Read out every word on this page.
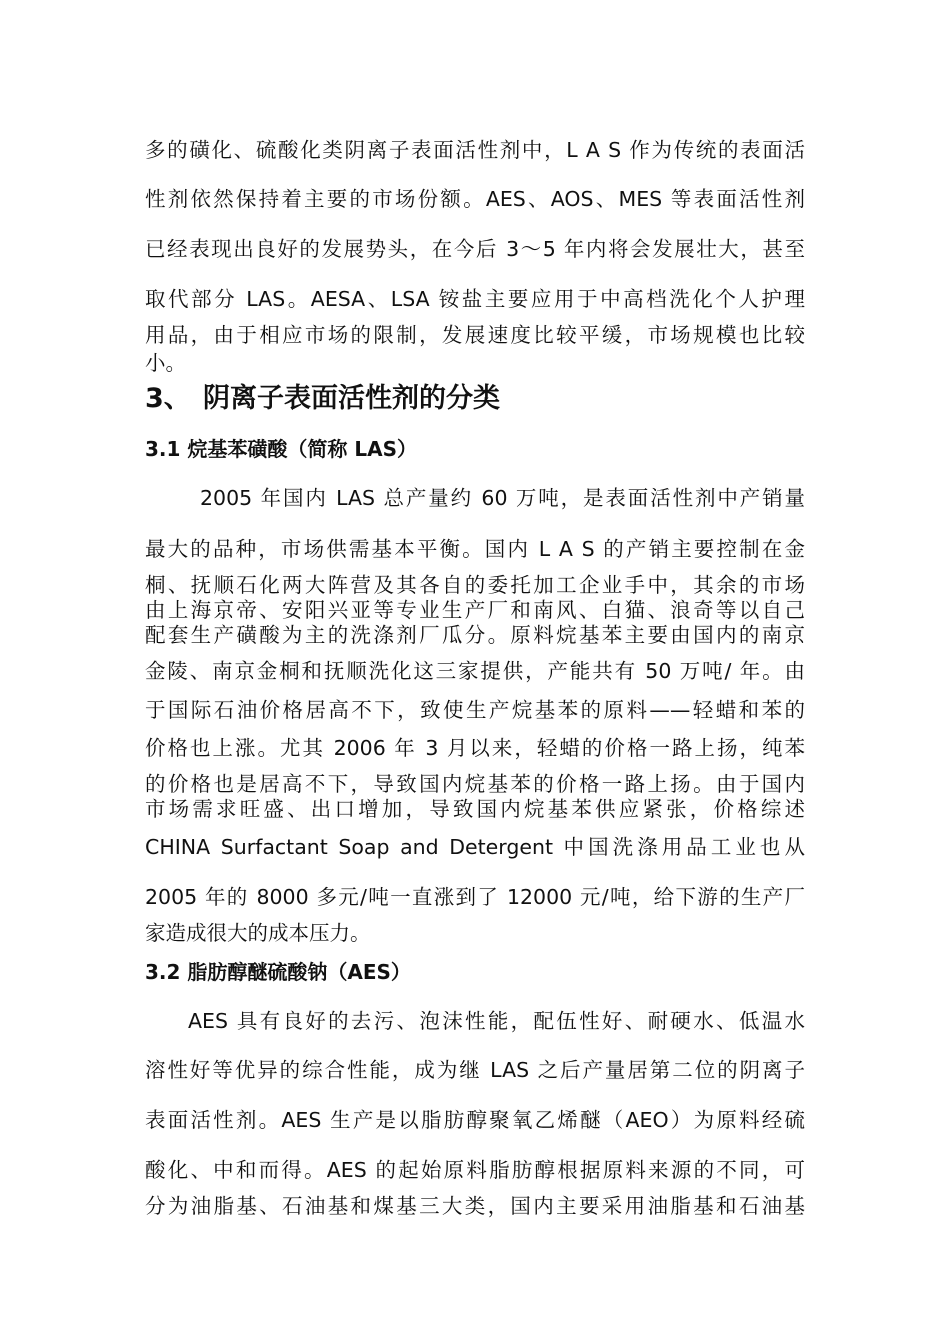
多的磺化、硫酸化类阴离子表面活性剂中，L A S 作为传统的表面活
性剂依然保持着主要的市场份额。AES、AOS、MES 等表面活性剂
已经表现出良好的发展势头，在今后 3～5 年内将会发展壮大，甚至
取代部分 LAS。AESA、LSA 铵盐主要应用于中高档洗化个人护理
用品，由于相应市场的限制，发展速度比较平缓，市场规模也比较
小。
3、 阴离子表面活性剂的分类
3.1 烷基苯磺酸（简称 LAS）
2005 年国内 LAS 总产量约 60 万吨，是表面活性剂中产销量
最大的品种，市场供需基本平衡。国内 L A S 的产销主要控制在金
桐、抚顺石化两大阵营及其各自的委托加工企业手中，其余的市场
由上海京帝、安阳兴亚等专业生产厂和南风、白猫、浪奇等以自己
配套生产磺酸为主的洗涤剂厂瓜分。原料烷基苯主要由国内的南京
金陵、南京金桐和抚顺洗化这三家提供，产能共有 50 万吨/ 年。由
于国际石油价格居高不下，致使生产烷基苯的原料——轻蜡和苯的
价格也上涨。尤其 2006 年 3 月以来，轻蜡的价格一路上扬，纯苯
的价格也是居高不下，导致国内烷基苯的价格一路上扬。由于国内
市场需求旺盛、出口增加，导致国内烷基苯供应紧张，价格综述
CHINA Surfactant Soap and Detergent 中国洗涤用品工业也从
2005 年的 8000 多元/吨一直涨到了 12000 元/吨，给下游的生产厂
家造成很大的成本压力。
3.2 脂肪醇醚硫酸钠（AES）
AES 具有良好的去污、泡沫性能，配伍性好、耐硬水、低温水
溶性好等优异的综合性能，成为继 LAS 之后产量居第二位的阴离子
表面活性剂。AES 生产是以脂肪醇聚氧乙烯醚（AEO）为原料经硫
酸化、中和而得。AES 的起始原料脂肪醇根据原料来源的不同，可
分为油脂基、石油基和煤基三大类，国内主要采用油脂基和石油基
